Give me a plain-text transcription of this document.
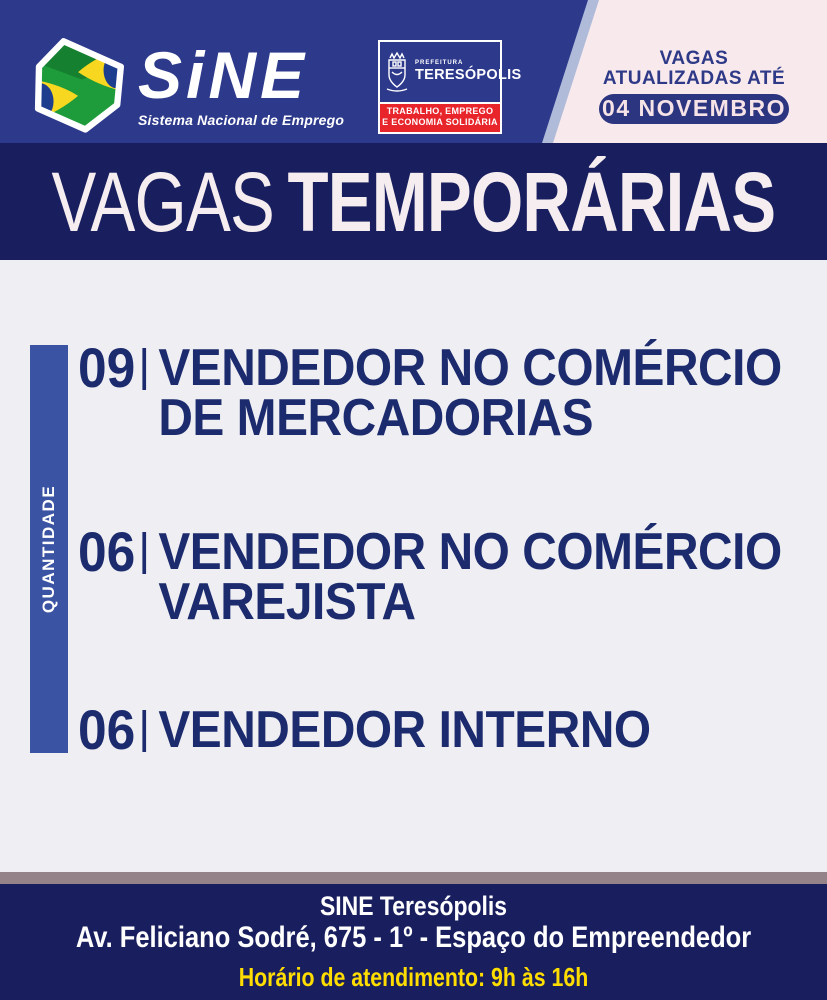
SiNE
Sistema Nacional de Emprego
PREFEITURA
TERESÓPOLIS
TRABALHO, EMPREGO
E ECONOMIA SOLIDÁRIA
VAGAS
ATUALIZADAS ATÉ
04 NOVEMBRO
VAGAS TEMPORÁRIAS
QUANTIDADE
09 VENDEDOR NO COMÉRCIO
DE MERCADORIAS
06 VENDEDOR NO COMÉRCIO
VAREJISTA
06 VENDEDOR INTERNO
SINE Teresópolis
Av. Feliciano Sodré, 675 - 1º - Espaço do Empreendedor
Horário de atendimento: 9h às 16h
